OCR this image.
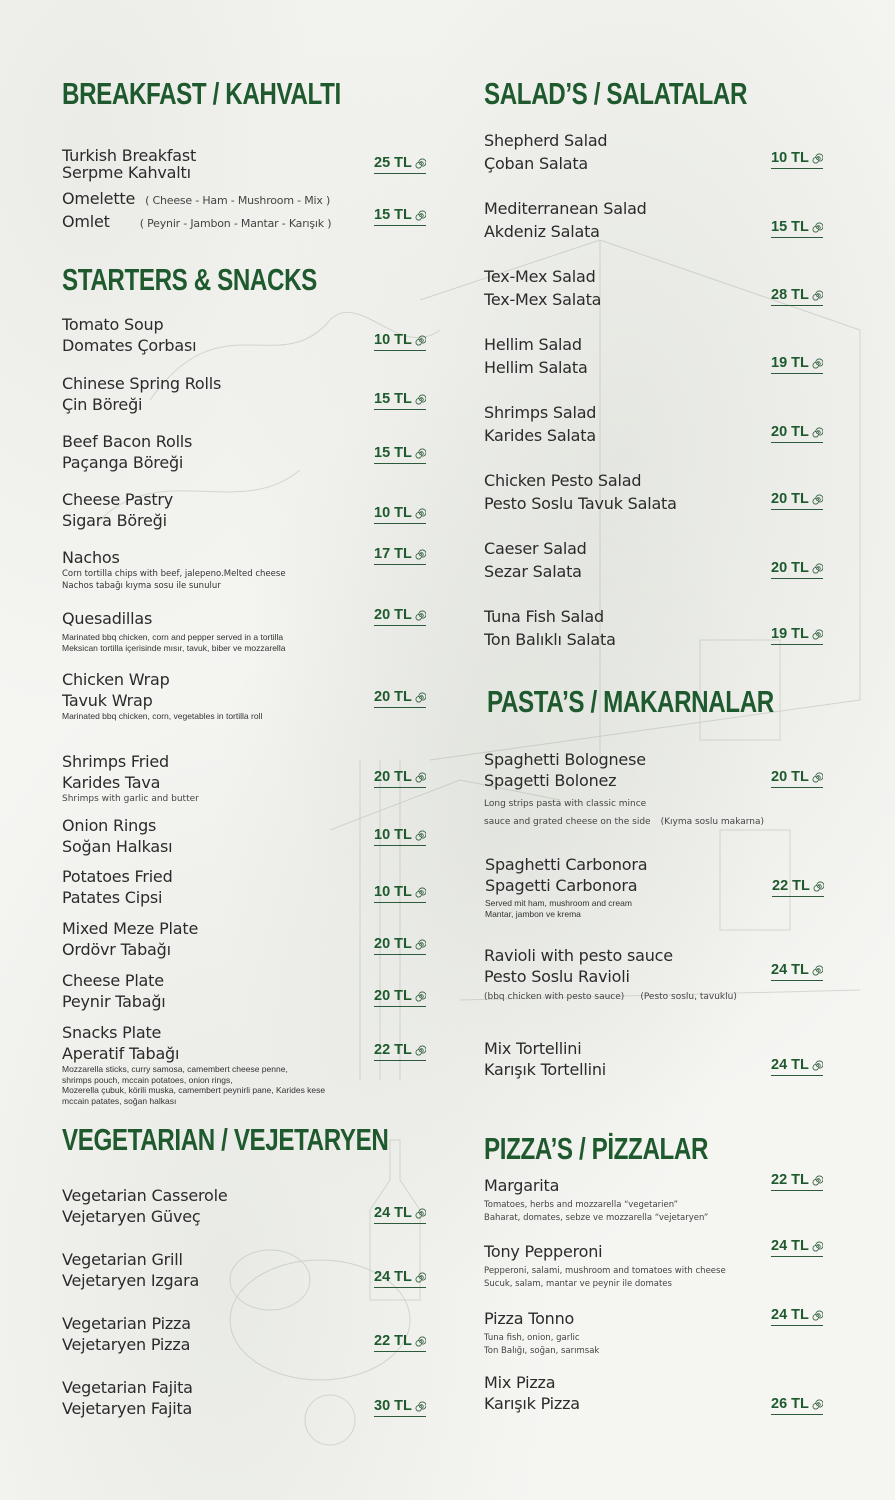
BREAKFAST / KAHVALTI
Turkish Breakfast
Serpme Kahvaltı	25 TL
Omelette ( Cheese - Ham - Mushroom - Mix )
Omlet	( Peynir - Jambon - Mantar - Karışık )
15 TL
STARTERS & SNACKS
Tomato Soup
Domates Çorbası	10 TL
Chinese Spring Rolls
Çin Böreği	15 TL
Beef Bacon Rolls
Paçanga Böreği	15 TL
Cheese Pastry
Sigara Böreği	10 TL
Nachos
Corn tortilla chips with beef, jalepeno.Melted cheese
Nachos tabağı kıyma sosu ile sunulur
17 TL
Quesadillas
Marinated bbq chicken, corn and pepper served in a tortilla
Meksican tortilla içerisinde mısır, tavuk, biber ve mozzarella
20 TL
Chicken Wrap
Tavuk Wrap
Marinated bbq chicken, corn, vegetables in tortilla roll
20 TL
Shrimps Fried
Karides Tava
Shrimps with garlic and butter
20 TL
Onion Rings
Soğan Halkası
10 TL
Potatoes Fried
Patates Cipsi	10 TL
Mixed Meze Plate
Ordövr Tabağı	20 TL
Cheese Plate
Peynir Tabağı	20 TL
Snacks Plate
Aperatif Tabağı
Mozzarella sticks, curry samosa, camembert cheese penne,
shrimps pouch, mccain potatoes, onion rings,
Mozerella çubuk, körili muska, camembert peynirli pane, Karides kese
mccain patates, soğan halkası
22 TL
VEGETARIAN / VEJETARYEN
Vegetarian Casserole
Vejetaryen Güveç	24 TL
Vegetarian Grill
Vejetaryen Izgara	24 TL
Vegetarian Pizza
Vejetaryen Pizza	22 TL
Vegetarian Fajita
Vejetaryen Fajita	30 TL
SALAD’S / SALATALAR
Shepherd Salad
Çoban Salata	10 TL
Mediterranean Salad
Akdeniz Salata	15 TL
Tex-Mex Salad
Tex-Mex Salata	28 TL
Hellim Salad
Hellim Salata	19 TL
Shrimps Salad
Karides Salata	20 TL
Chicken Pesto Salad
Pesto Soslu Tavuk Salata	20 TL
Caeser Salad
Sezar Salata	20 TL
Tuna Fish Salad
Ton Balıklı Salata	19 TL
PASTA’S / MAKARNALAR
Spaghetti Bolognese
Spagetti Bolonez
Long strips pasta with classic mince
sauce and grated cheese on the side (Kıyma soslu makarna)
20 TL
Spaghetti Carbonora
Spagetti Carbonora
Served mit ham, mushroom and cream
Mantar, jambon ve krema
22 TL
Ravioli with pesto sauce
Pesto Soslu Ravioli
(bbq chicken with pesto sauce) (Pesto soslu, tavuklu)
24 TL
Mix Tortellini
Karışık Tortellini	24 TL
PIZZA’S / PİZZALAR
Margarita
Tomatoes, herbs and mozzarella “vegetarien”
Baharat, domates, sebze ve mozzarella “vejetaryen”
22 TL
Tony Pepperoni
Pepperoni, salami, mushroom and tomatoes with cheese
Sucuk, salam, mantar ve peynir ile domates
24 TL
Pizza Tonno
Tuna fish, onion, garlic
Ton Balığı, soğan, sarımsak
24 TL
Mix Pizza
Karışık Pizza	26 TL
